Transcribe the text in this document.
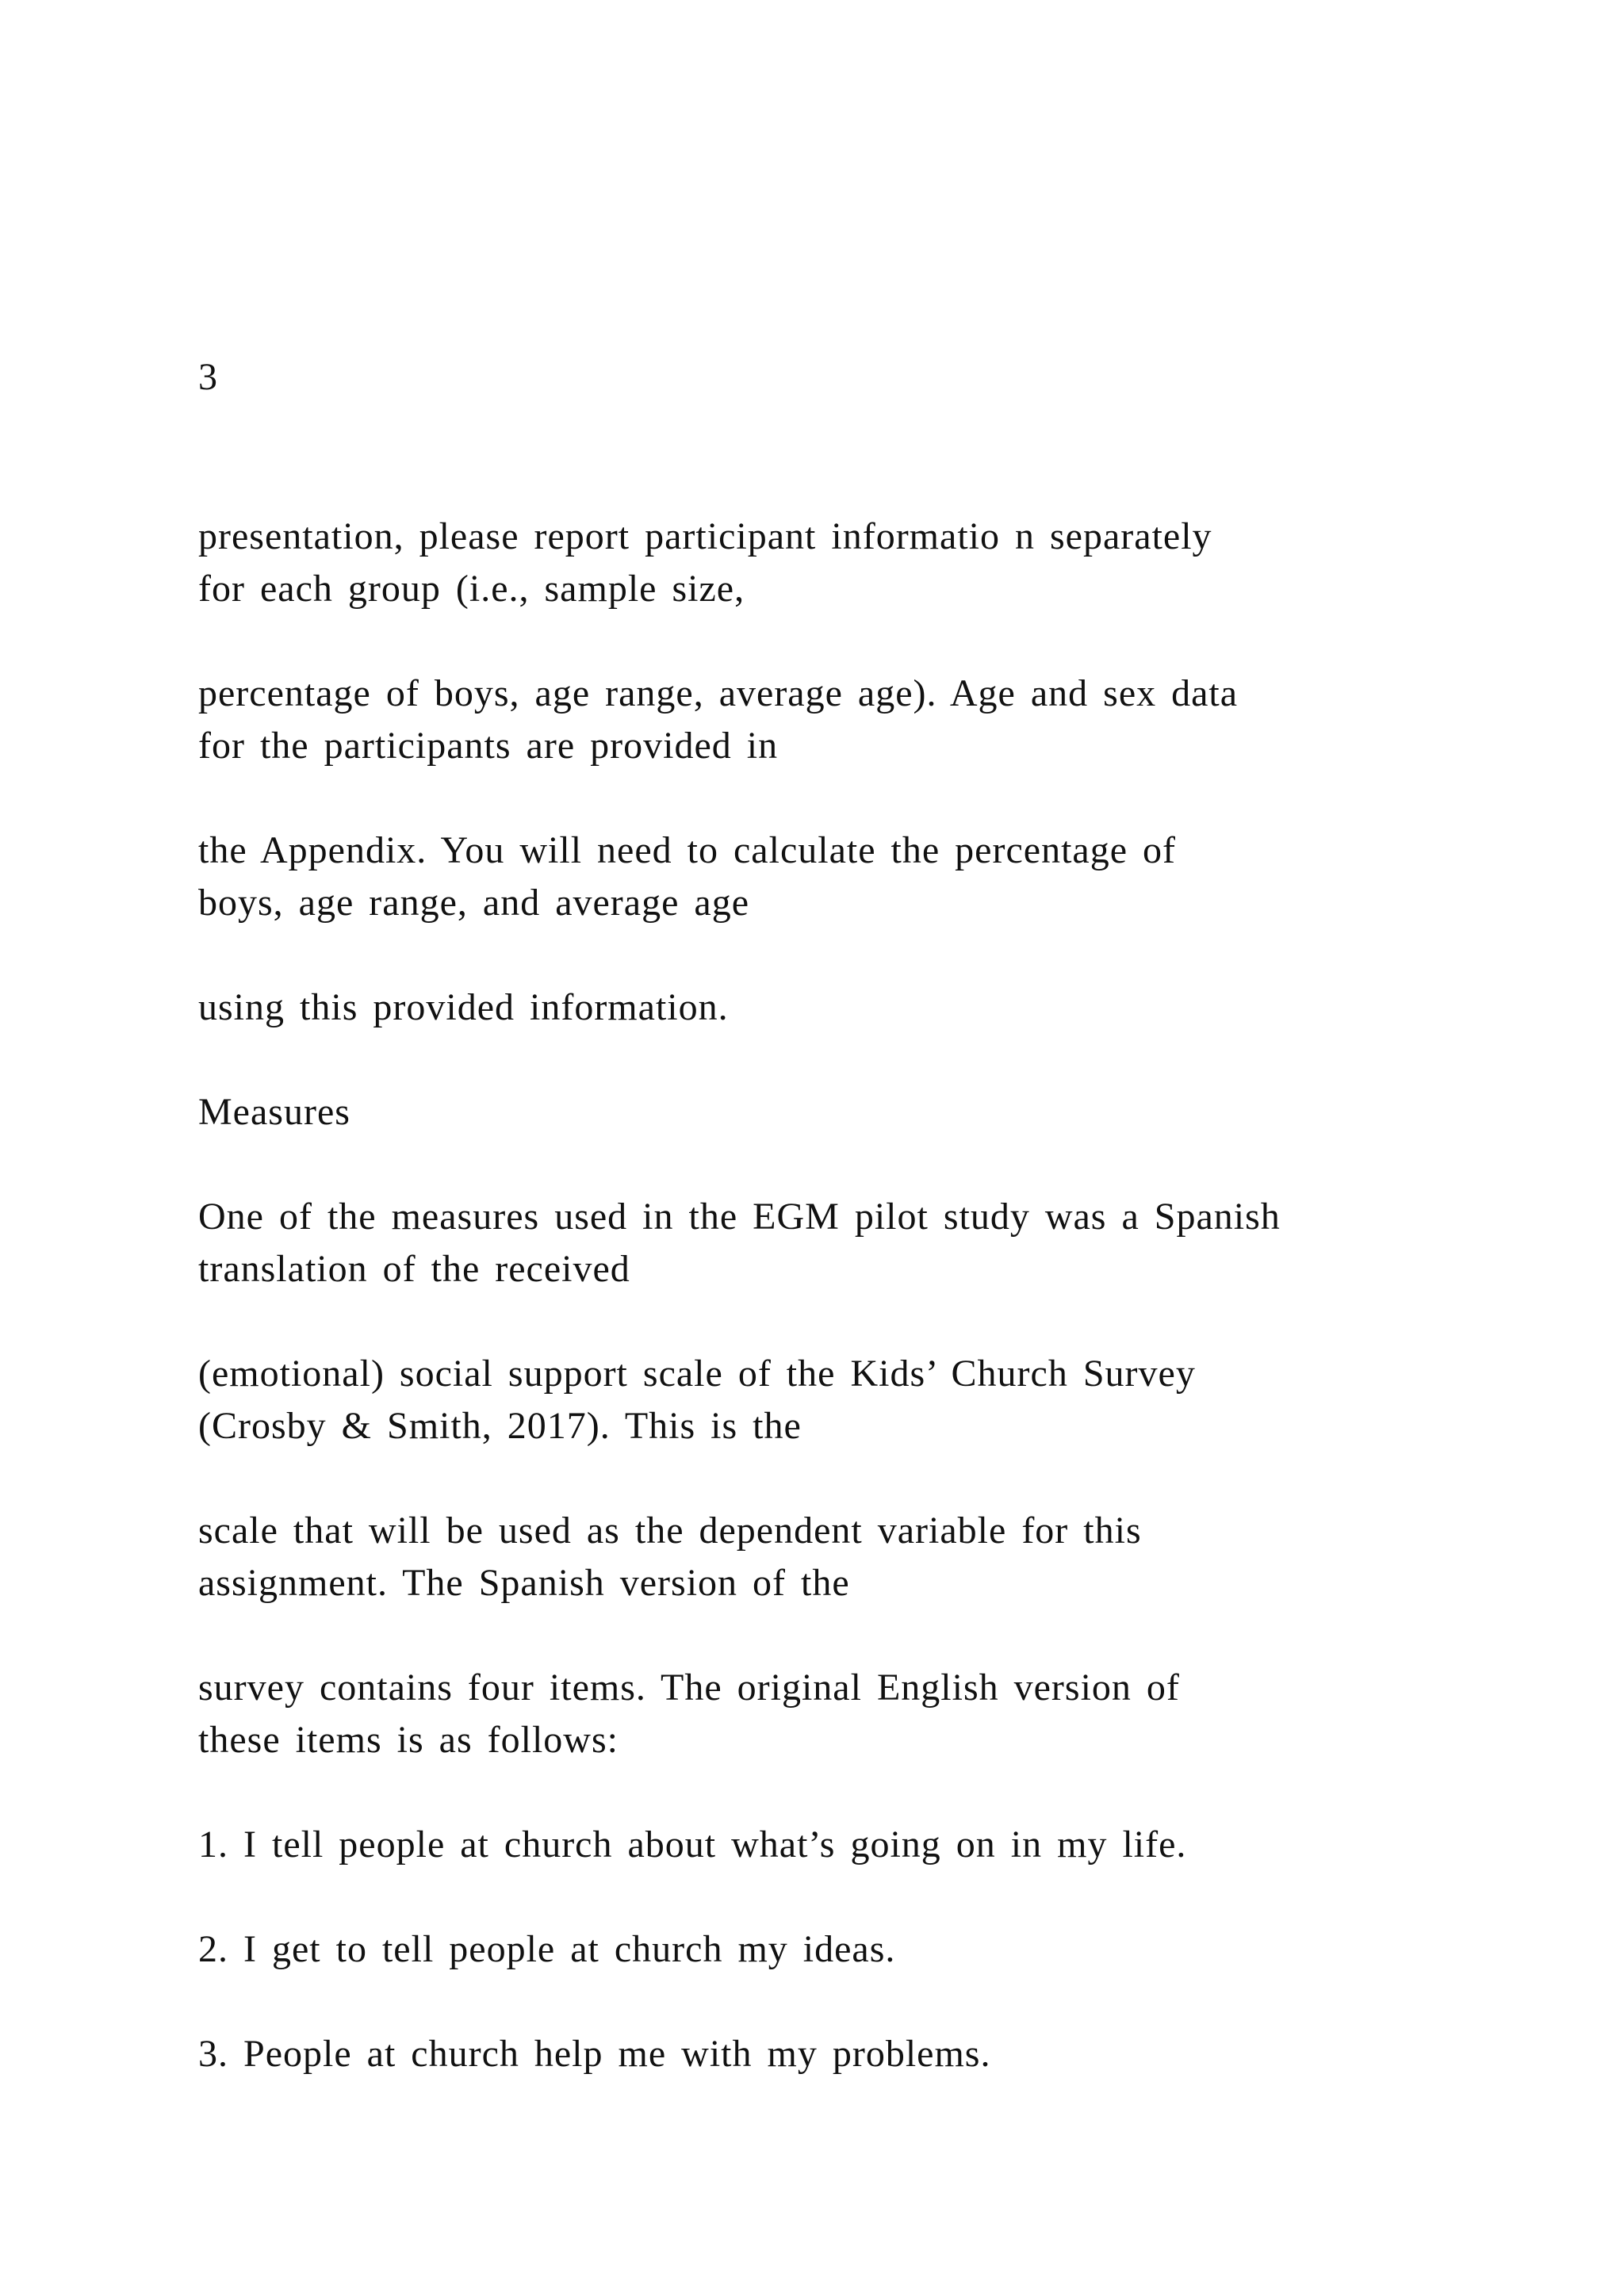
3
presentation, please report participant informatio n separately
for each group (i.e., sample size,
percentage of boys, age range, average age). Age and sex data
for the participants are provided in
the Appendix. You will need to calculate the percentage of
boys, age range, and average age
using this provided information.
Measures
One of the measures used in the EGM pilot study was a Spanish
translation of the received
(emotional) social support scale of the Kids’ Church Survey
(Crosby & Smith, 2017). This is the
scale that will be used as the dependent variable for this
assignment. The Spanish version of the
survey contains four items. The original English version of
these items is as follows:
1. I tell people at church about what’s going on in my life.
2. I get to tell people at church my ideas.
3. People at church help me with my problems.
